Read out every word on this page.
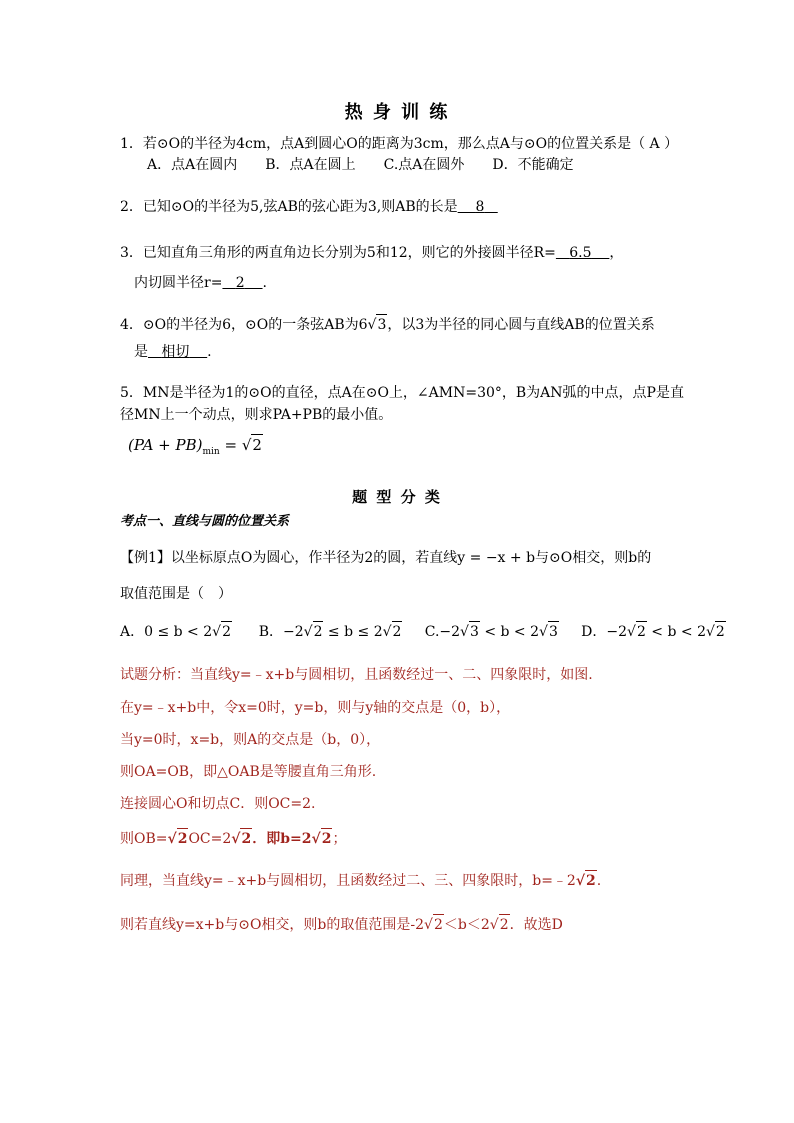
热 身 训 练
1．若⊙O的半径为4cm，点A到圆心O的距离为3cm，那么点A与⊙O的位置关系是（ A ）
A．点A在圆内　　B．点A在圆上　　C.点A在圆外　　D．不能确定
2．已知⊙O的半径为5,弦AB的弦心距为3,则AB的长是 8
3．已知直角三角形的两直角边长分别为5和12，则它的外接圆半径R= 6.5 ，
内切圆半径r= 2 .
4．⊙O的半径为6，⊙O的一条弦AB为6√3，以3为半径的同心圆与直线AB的位置关系
是 相切 .
5．MN是半径为1的⊙O的直径，点A在⊙O上，∠AMN=30°，B为AN弧的中点，点P是直
径MN上一个动点，则求PA+PB的最小值。
$(PA + PB)_{min} = √2$
题 型 分 类
考点一、直线与圆的位置关系
【例1】以坐标原点O为圆心，作半径为2的圆，若直线y = −x + b与⊙O相交，则b的
取值范围是（　）
A．0 ≤ b < 2√2 B．−2√2 ≤ b ≤ 2√2 C.−2√3 < b < 2√3 D．−2√2 < b < 2√2
试题分析：当直线y=﹣x+b与圆相切，且函数经过一、二、四象限时，如图.
在y=﹣x+b中，令x=0时，y=b，则与y轴的交点是（0，b），
当y=0时，x=b，则A的交点是（b，0），
则OA=OB，即△OAB是等腰直角三角形.
连接圆心O和切点C．则OC=2.
则OB=√2OC=2√2．即b=2√2；
同理，当直线y=﹣x+b与圆相切，且函数经过二、三、四象限时，b=﹣2√2.
则若直线y=x+b与⊙O相交，则b的取值范围是-2√2＜b＜2√2．故选D
